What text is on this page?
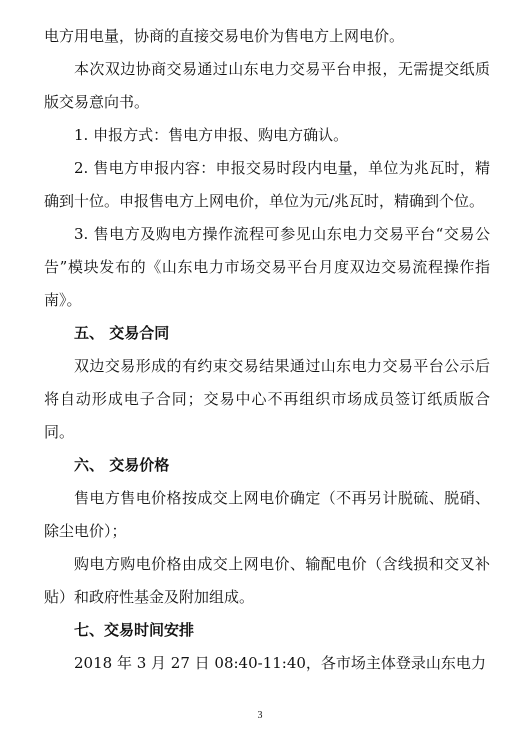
电方用电量，协商的直接交易电价为售电方上网电价。

本次双边协商交易通过山东电力交易平台申报，无需提交纸质版交易意向书。

1. 申报方式：售电方申报、购电方确认。

2. 售电方申报内容：申报交易时段内电量，单位为兆瓦时，精确到十位。申报售电方上网电价，单位为元/兆瓦时，精确到个位。

3. 售电方及购电方操作流程可参见山东电力交易平台“交易公告”模块发布的《山东电力市场交易平台月度双边交易流程操作指南》。

五、 交易合同

双边交易形成的有约束交易结果通过山东电力交易平台公示后将自动形成电子合同；交易中心不再组织市场成员签订纸质版合同。

六、 交易价格

售电方售电价格按成交上网电价确定（不再另计脱硫、脱硝、除尘电价）；

购电方购电价格由成交上网电价、输配电价（含线损和交叉补贴）和政府性基金及附加组成。

七、交易时间安排

2018 年 3 月 27 日 08:40-11:40，各市场主体登录山东电力

3
